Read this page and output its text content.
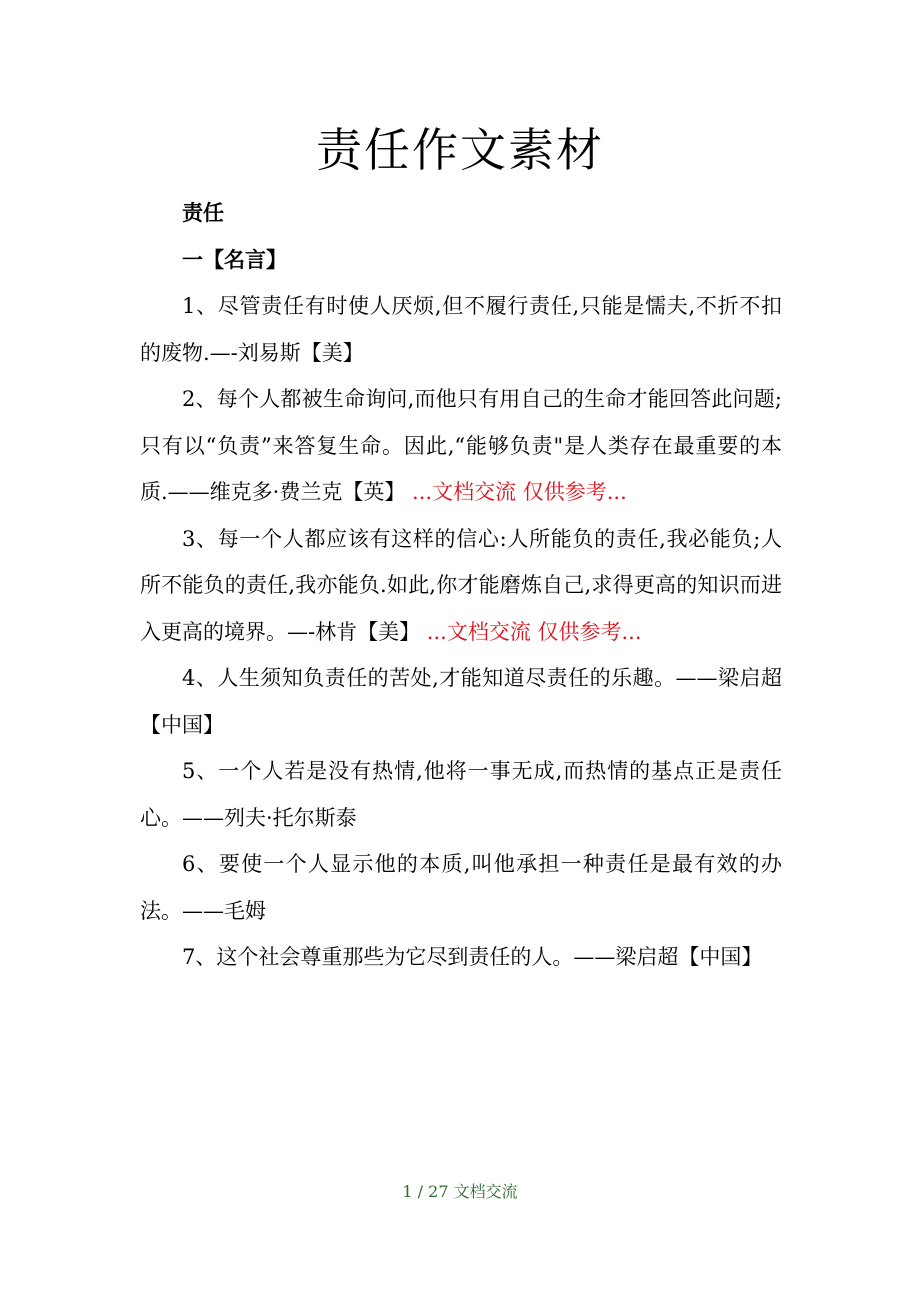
责任作文素材

责任

一【名言】

1、尽管责任有时使人厌烦,但不履行责任,只能是懦夫,不折不扣的废物.—-刘易斯【美】

2、每个人都被生命询问,而他只有用自己的生命才能回答此问题;只有以“负责”来答复生命。因此,“能够负责"是人类存在最重要的本质.——维克多·费兰克【英】 ...文档交流 仅供参考...

3、每一个人都应该有这样的信心:人所能负的责任,我必能负;人所不能负的责任,我亦能负.如此,你才能磨炼自己,求得更高的知识而进入更高的境界。—-林肯【美】 ...文档交流 仅供参考...

4、人生须知负责任的苦处,才能知道尽责任的乐趣。——梁启超【中国】

5、一个人若是没有热情,他将一事无成,而热情的基点正是责任心。——列夫·托尔斯泰

6、要使一个人显示他的本质,叫他承担一种责任是最有效的办法。——毛姆

7、这个社会尊重那些为它尽到责任的人。——梁启超【中国】

1 / 27 文档交流
